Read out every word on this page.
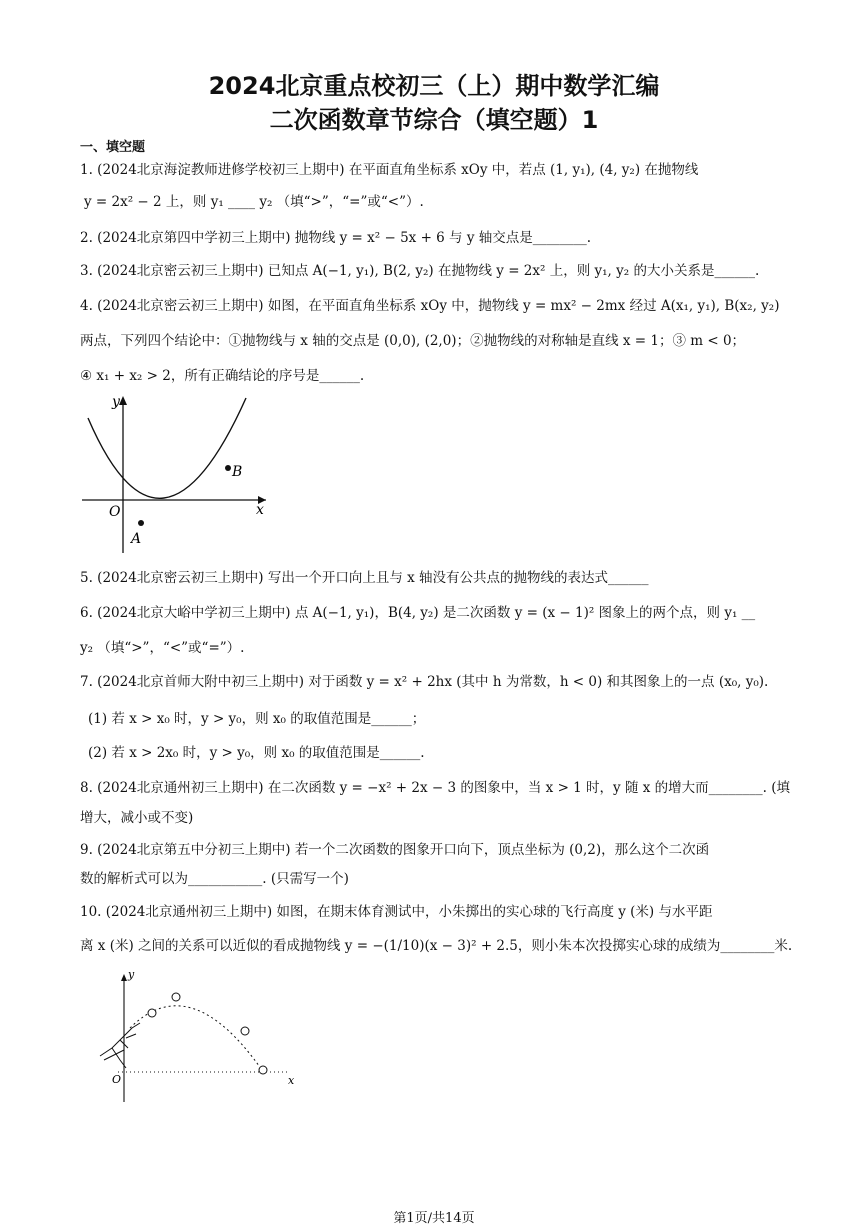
2024北京重点校初三（上）期中数学汇编
二次函数章节综合（填空题）1
一、填空题
1. (2024北京海淀教师进修学校初三上期中) 在平面直角坐标系 xOy 中，若点 (1, y₁), (4, y₂) 在抛物线
y = 2x² − 2 上，则 y₁ ____ y₂ （填“>”，“=”或“<”）.
2. (2024北京第四中学初三上期中) 抛物线 y = x² − 5x + 6 与 y 轴交点是________.
3. (2024北京密云初三上期中) 已知点 A(−1, y₁), B(2, y₂) 在抛物线 y = 2x² 上，则 y₁, y₂ 的大小关系是______.
4. (2024北京密云初三上期中) 如图，在平面直角坐标系 xOy 中，抛物线 y = mx² − 2mx 经过 A(x₁, y₁), B(x₂, y₂)
两点，下列四个结论中：①抛物线与 x 轴的交点是 (0,0), (2,0)；②抛物线的对称轴是直线 x = 1；③ m < 0；
④ x₁ + x₂ > 2，所有正确结论的序号是______.
y
x
O
A
B
5. (2024北京密云初三上期中) 写出一个开口向上且与 x 轴没有公共点的抛物线的表达式______
6. (2024北京大峪中学初三上期中) 点 A(−1, y₁)，B(4, y₂) 是二次函数 y = (x − 1)² 图象上的两个点，则 y₁ __
y₂ （填“>”，“<”或“=”）.
7. (2024北京首师大附中初三上期中) 对于函数 y = x² + 2hx (其中 h 为常数，h < 0) 和其图象上的一点 (x₀, y₀).
(1) 若 x > x₀ 时，y > y₀，则 x₀ 的取值范围是______；
(2) 若 x > 2x₀ 时，y > y₀，则 x₀ 的取值范围是______.
8. (2024北京通州初三上期中) 在二次函数 y = −x² + 2x − 3 的图象中，当 x > 1 时，y 随 x 的增大而________. (填
增大，减小或不变)
9. (2024北京第五中分初三上期中) 若一个二次函数的图象开口向下，顶点坐标为 (0,2)，那么这个二次函
数的解析式可以为___________. (只需写一个)
10. (2024北京通州初三上期中) 如图，在期末体育测试中，小朱掷出的实心球的飞行高度 y (米) 与水平距
离 x (米) 之间的关系可以近似的看成抛物线 y = −(1/10)(x − 3)² + 2.5，则小朱本次投掷实心球的成绩为________米.
y
x
O
第1页/共14页
